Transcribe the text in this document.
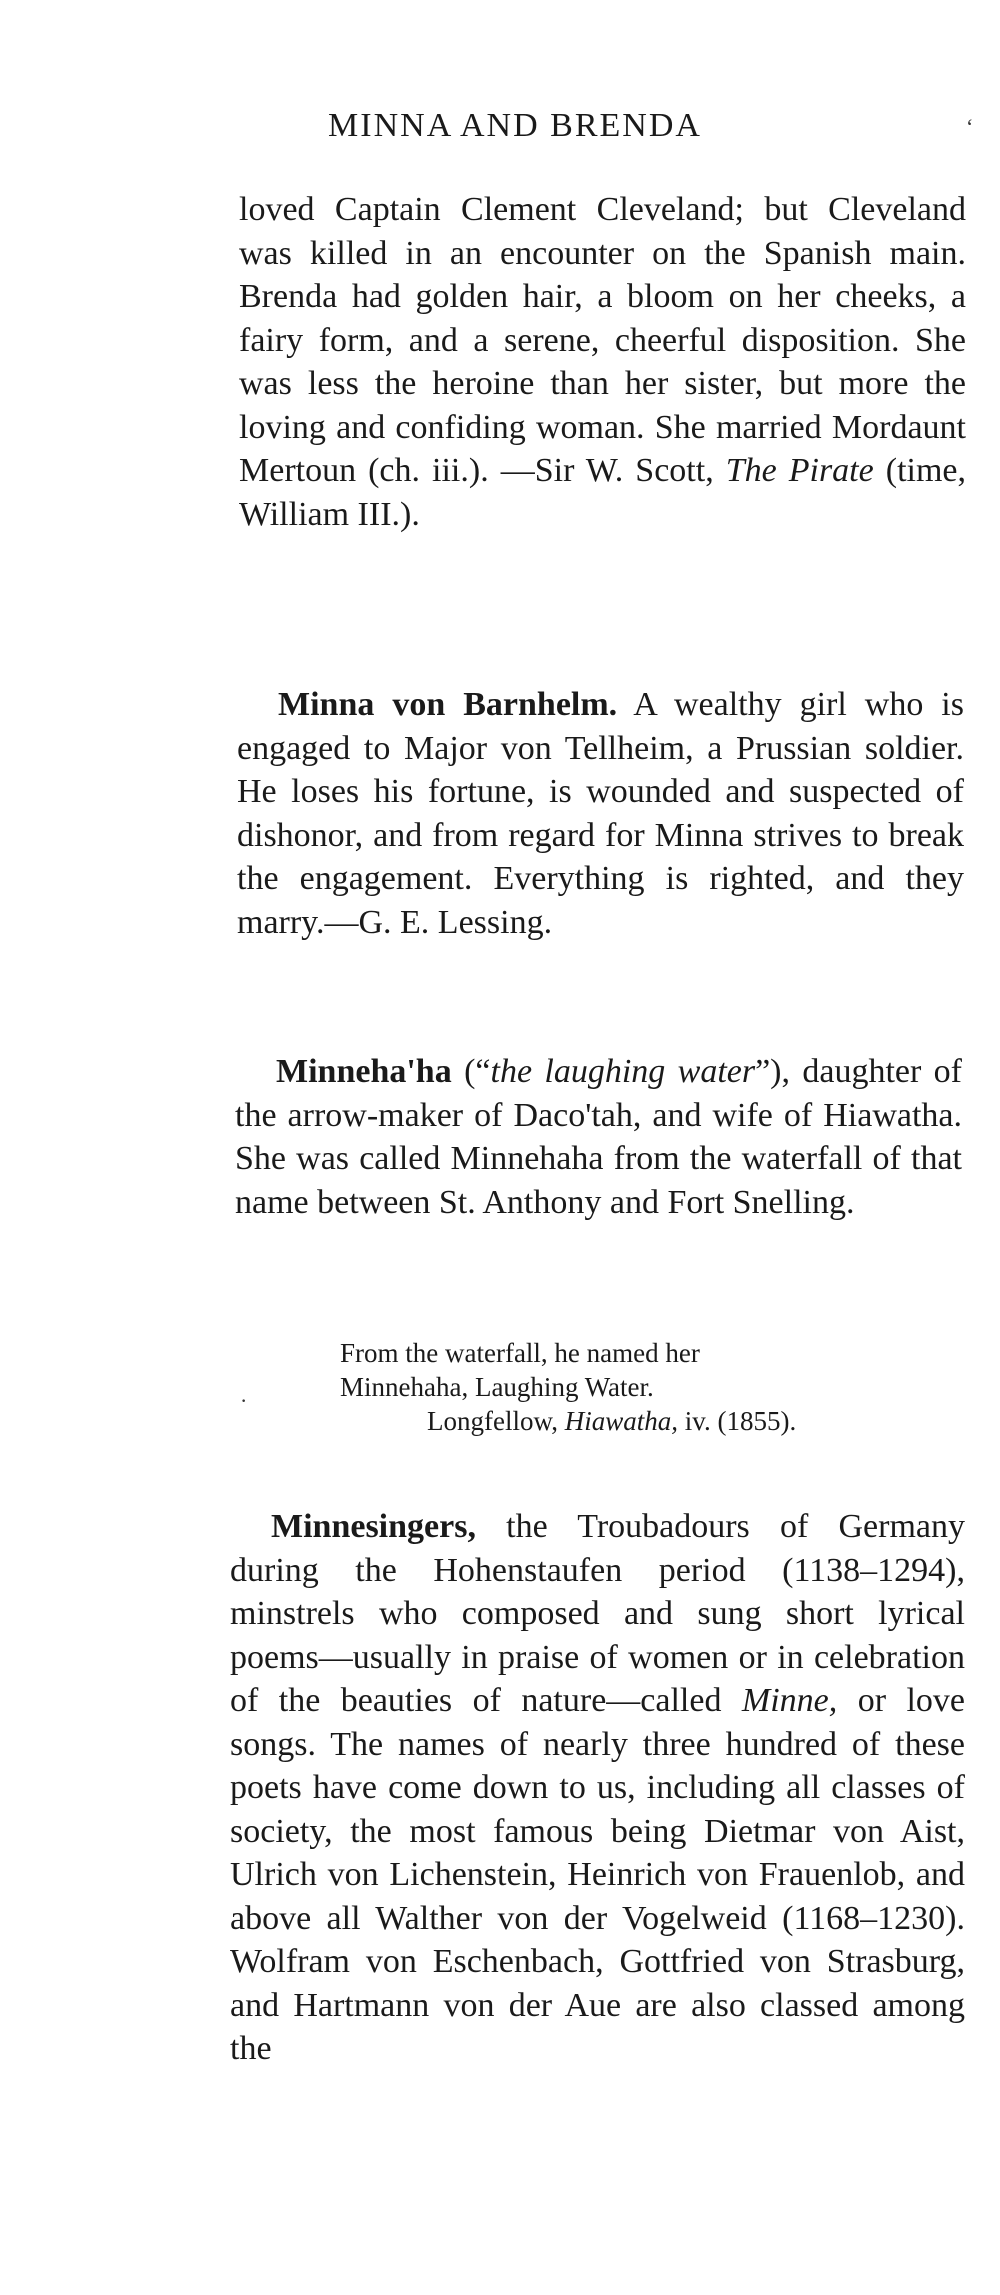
MINNA AND BRENDA	‘

loved Captain Clement Cleveland; but Cleveland was killed in an encounter on the Spanish main. Brenda had golden hair, a bloom on her cheeks, a fairy form, and a serene, cheerful disposition. She was less the heroine than her sister, but more the loving and confiding woman. She married Mordaunt Mertoun (ch. iii.). —Sir W. Scott, The Pirate (time, William III.).

Minna von Barnhelm. A wealthy girl who is engaged to Major von Tellheim, a Prussian soldier. He loses his fortune, is wounded and suspected of dishonor, and from regard for Minna strives to break the engagement. Everything is righted, and they marry.—G. E. Lessing.

Minneha'ha (“the laughing water”), daughter of the arrow-maker of Daco'tah, and wife of Hiawatha. She was called Minnehaha from the waterfall of that name between St. Anthony and Fort Snelling.

·
From the waterfall, he named her
Minnehaha, Laughing Water.
Longfellow, Hiawatha, iv. (1855).

Minnesingers, the Troubadours of Germany during the Hohenstaufen period (1138–1294), minstrels who composed and sung short lyrical poems—usually in praise of women or in celebration of the beauties of nature—called Minne, or love songs. The names of nearly three hundred of these poets have come down to us, including all classes of society, the most famous being Dietmar von Aist, Ulrich von Lichenstein, Heinrich von Frauenlob, and above all Walther von der Vogelweid (1168–1230). Wolfram von Eschenbach, Gottfried von Strasburg, and Hartmann von der Aue are also classed among the
